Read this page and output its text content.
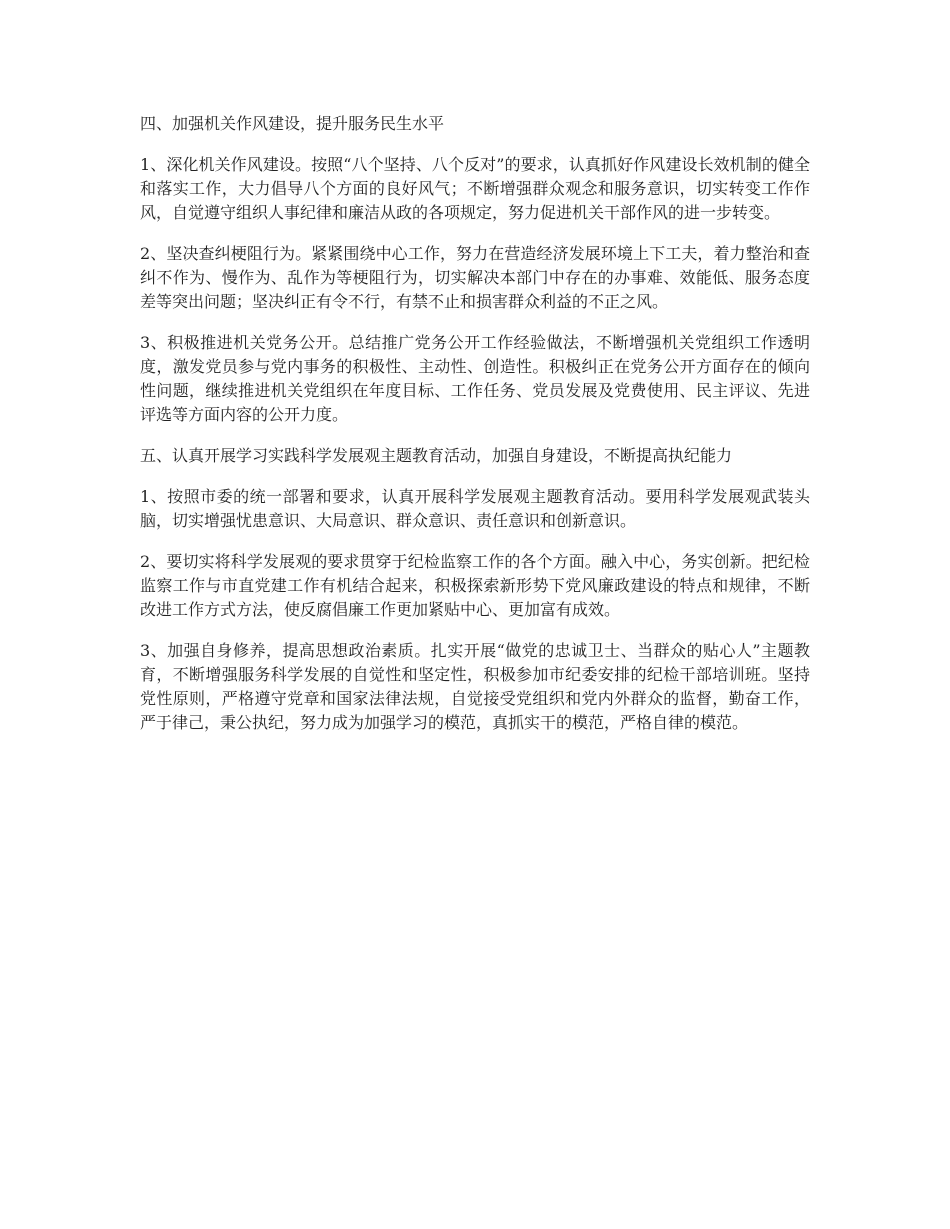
四、加强机关作风建设，提升服务民生水平

1、深化机关作风建设。按照“八个坚持、八个反对”的要求，认真抓好作风建设长效机制的健全和落实工作，大力倡导八个方面的良好风气；不断增强群众观念和服务意识，切实转变工作作风，自觉遵守组织人事纪律和廉洁从政的各项规定，努力促进机关干部作风的进一步转变。

2、坚决查纠梗阻行为。紧紧围绕中心工作，努力在营造经济发展环境上下工夫，着力整治和查纠不作为、慢作为、乱作为等梗阻行为，切实解决本部门中存在的办事难、效能低、服务态度差等突出问题；坚决纠正有令不行，有禁不止和损害群众利益的不正之风。

3、积极推进机关党务公开。总结推广党务公开工作经验做法，不断增强机关党组织工作透明度，激发党员参与党内事务的积极性、主动性、创造性。积极纠正在党务公开方面存在的倾向性问题，继续推进机关党组织在年度目标、工作任务、党员发展及党费使用、民主评议、先进评选等方面内容的公开力度。

五、认真开展学习实践科学发展观主题教育活动，加强自身建设，不断提高执纪能力

1、按照市委的统一部署和要求，认真开展科学发展观主题教育活动。要用科学发展观武装头脑，切实增强忧患意识、大局意识、群众意识、责任意识和创新意识。

2、要切实将科学发展观的要求贯穿于纪检监察工作的各个方面。融入中心，务实创新。把纪检监察工作与市直党建工作有机结合起来，积极探索新形势下党风廉政建设的特点和规律，不断改进工作方式方法，使反腐倡廉工作更加紧贴中心、更加富有成效。

3、加强自身修养，提高思想政治素质。扎实开展“做党的忠诚卫士、当群众的贴心人”主题教育，不断增强服务科学发展的自觉性和坚定性，积极参加市纪委安排的纪检干部培训班。坚持党性原则，严格遵守党章和国家法律法规，自觉接受党组织和党内外群众的监督，勤奋工作，严于律己，秉公执纪，努力成为加强学习的模范，真抓实干的模范，严格自律的模范。
